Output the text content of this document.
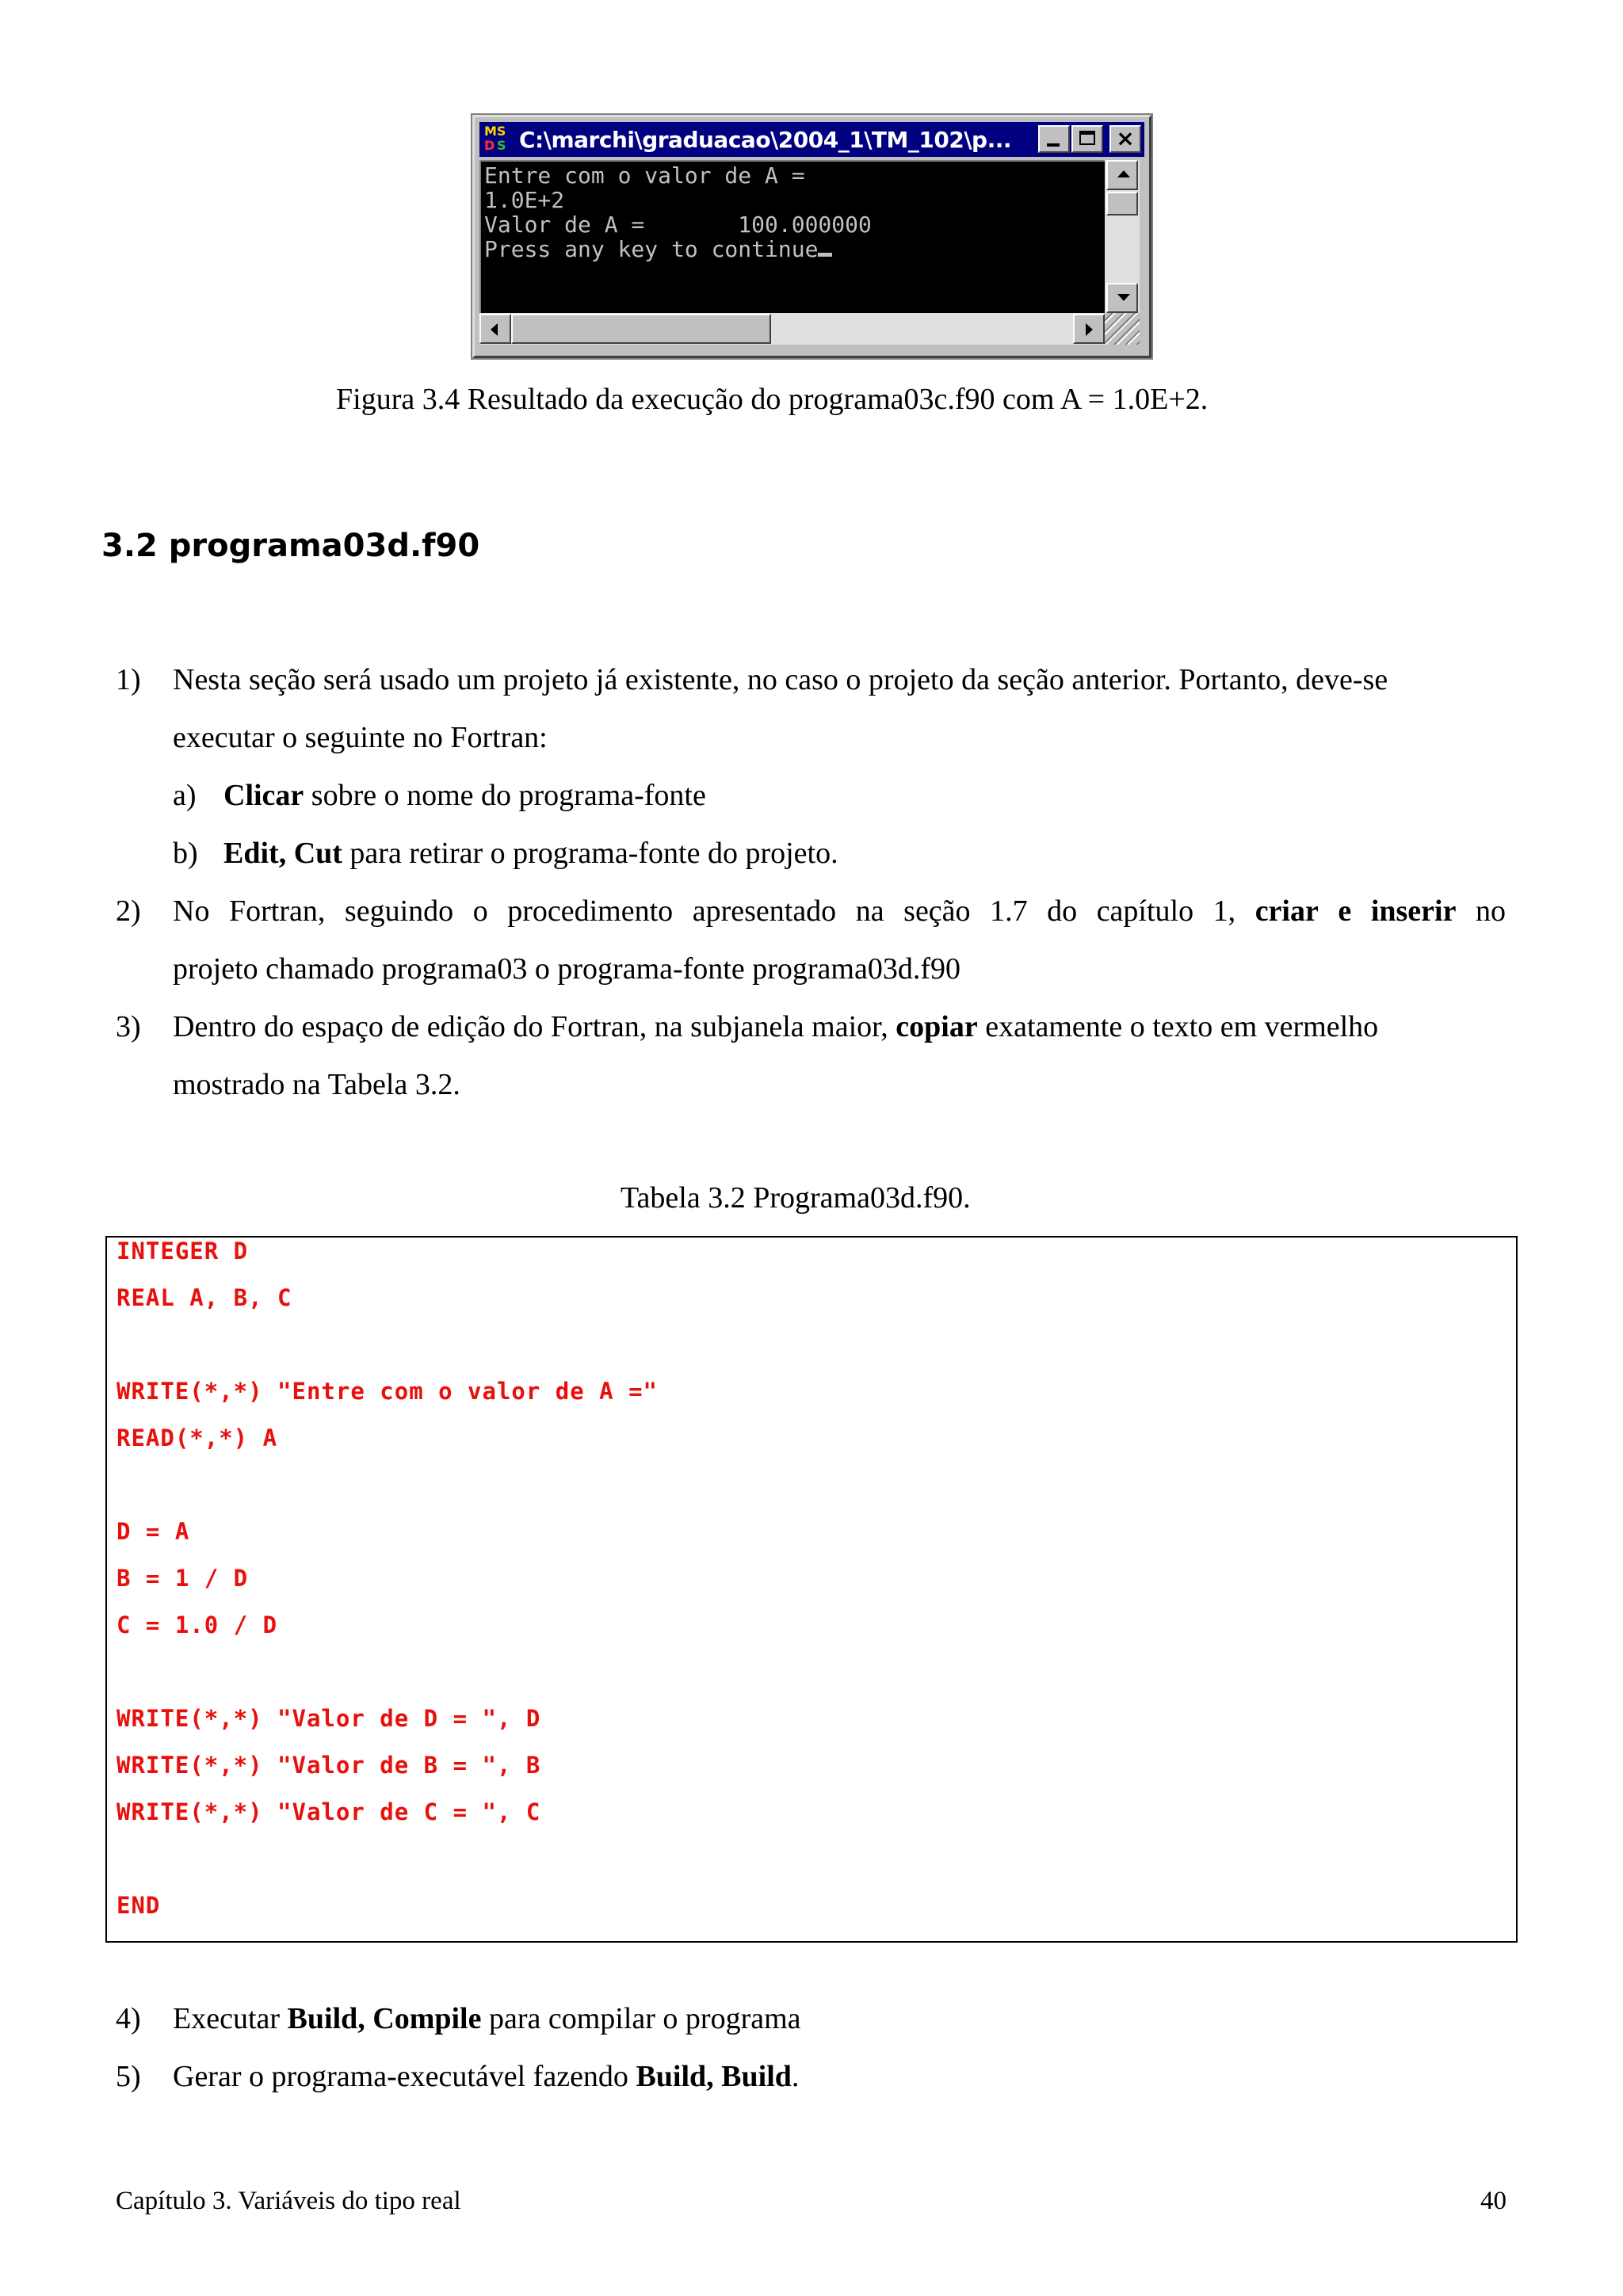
MS
D S C:\marchi\graduacao\2004_1\TM_102\p...	×
Entre com o valor de A =
1.0E+2
Valor de A =       100.000000
Press any key to continue
Figura 3.4 Resultado da execução do programa03c.f90 com A = 1.0E+2.
3.2 programa03d.f90
1) Nesta seção será usado um projeto já existente, no caso o projeto da seção anterior. Portanto, deve-se
executar o seguinte no Fortran:
a) Clicar sobre o nome do programa-fonte
b) Edit, Cut para retirar o programa-fonte do projeto.
2) No Fortran, seguindo o procedimento apresentado na seção 1.7 do capítulo 1, criar e inserir no
projeto chamado programa03 o programa-fonte programa03d.f90
3) Dentro do espaço de edição do Fortran, na subjanela maior, copiar exatamente o texto em vermelho
mostrado na Tabela 3.2.
Tabela 3.2 Programa03d.f90.
INTEGER D
REAL A, B, C
WRITE(*,*) "Entre com o valor de A ="
READ(*,*) A
D = A
B = 1 / D
C = 1.0 / D
WRITE(*,*) "Valor de D = ", D
WRITE(*,*) "Valor de B = ", B
WRITE(*,*) "Valor de C = ", C
END
4) Executar Build, Compile para compilar o programa
5) Gerar o programa-executável fazendo Build, Build.
Capítulo 3. Variáveis do tipo real	40
